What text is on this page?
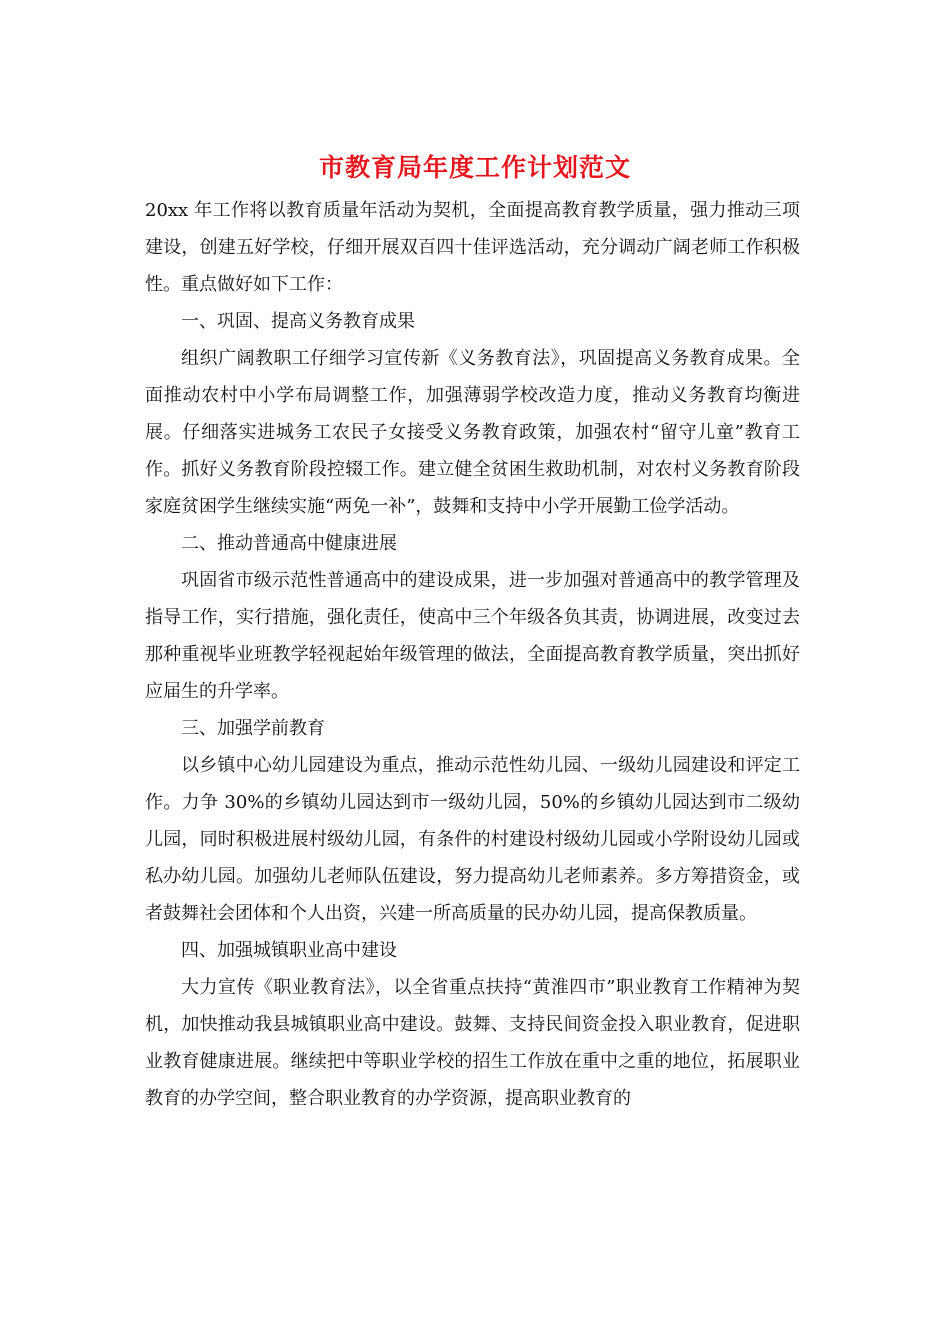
市教育局年度工作计划范文

20xx 年工作将以教育质量年活动为契机，全面提高教育教学质量，强力推动三项建设，创建五好学校，仔细开展双百四十佳评选活动，充分调动广阔老师工作积极性。重点做好如下工作：

一、巩固、提高义务教育成果

组织广阔教职工仔细学习宣传新《义务教育法》，巩固提高义务教育成果。全面推动农村中小学布局调整工作，加强薄弱学校改造力度，推动义务教育均衡进展。仔细落实进城务工农民子女接受义务教育政策，加强农村“留守儿童”教育工作。抓好义务教育阶段控辍工作。建立健全贫困生救助机制，对农村义务教育阶段家庭贫困学生继续实施“两免一补”，鼓舞和支持中小学开展勤工俭学活动。

二、推动普通高中健康进展

巩固省市级示范性普通高中的建设成果，进一步加强对普通高中的教学管理及指导工作，实行措施，强化责任，使高中三个年级各负其责，协调进展，改变过去那种重视毕业班教学轻视起始年级管理的做法，全面提高教育教学质量，突出抓好应届生的升学率。

三、加强学前教育

以乡镇中心幼儿园建设为重点，推动示范性幼儿园、一级幼儿园建设和评定工作。力争 30%的乡镇幼儿园达到市一级幼儿园，50%的乡镇幼儿园达到市二级幼儿园，同时积极进展村级幼儿园，有条件的村建设村级幼儿园或小学附设幼儿园或私办幼儿园。加强幼儿老师队伍建设，努力提高幼儿老师素养。多方筹措资金，或者鼓舞社会团体和个人出资，兴建一所高质量的民办幼儿园，提高保教质量。

四、加强城镇职业高中建设

大力宣传《职业教育法》，以全省重点扶持“黄淮四市”职业教育工作精神为契机，加快推动我县城镇职业高中建设。鼓舞、支持民间资金投入职业教育，促进职业教育健康进展。继续把中等职业学校的招生工作放在重中之重的地位，拓展职业教育的办学空间，整合职业教育的办学资源，提高职业教育的
